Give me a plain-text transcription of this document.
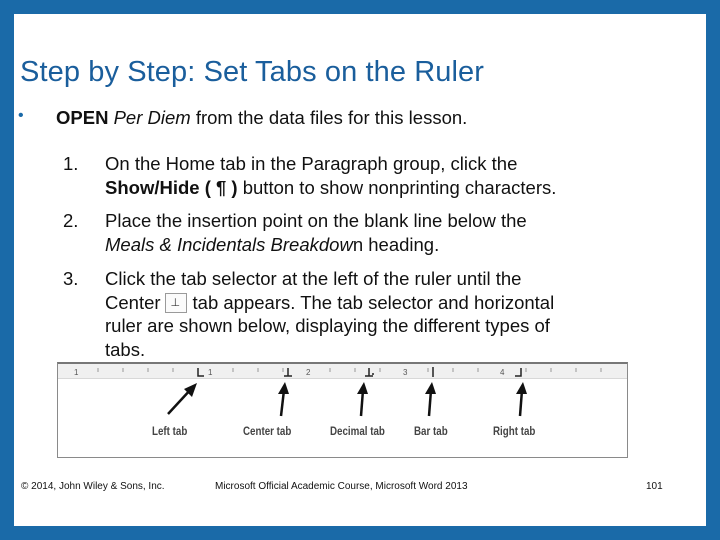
Step by Step: Set Tabs on the Ruler
• OPEN Per Diem from the data files for this lesson.
1. On the Home tab in the Paragraph group, click the
Show/Hide ( ¶ ) button to show nonprinting characters.
2. Place the insertion point on the blank line below the
Meals & Incidentals Breakdown heading.
3. Click the tab selector at the left of the ruler until the
Center ⊥ tab appears. The tab selector and horizontal
ruler are shown below, displaying the different types of
tabs.
1	1	2	3	4
Left tab	Center tab	Decimal tab	Bar tab	Right tab
© 2014, John Wiley & Sons, Inc.	Microsoft Official Academic Course, Microsoft Word 2013	101
